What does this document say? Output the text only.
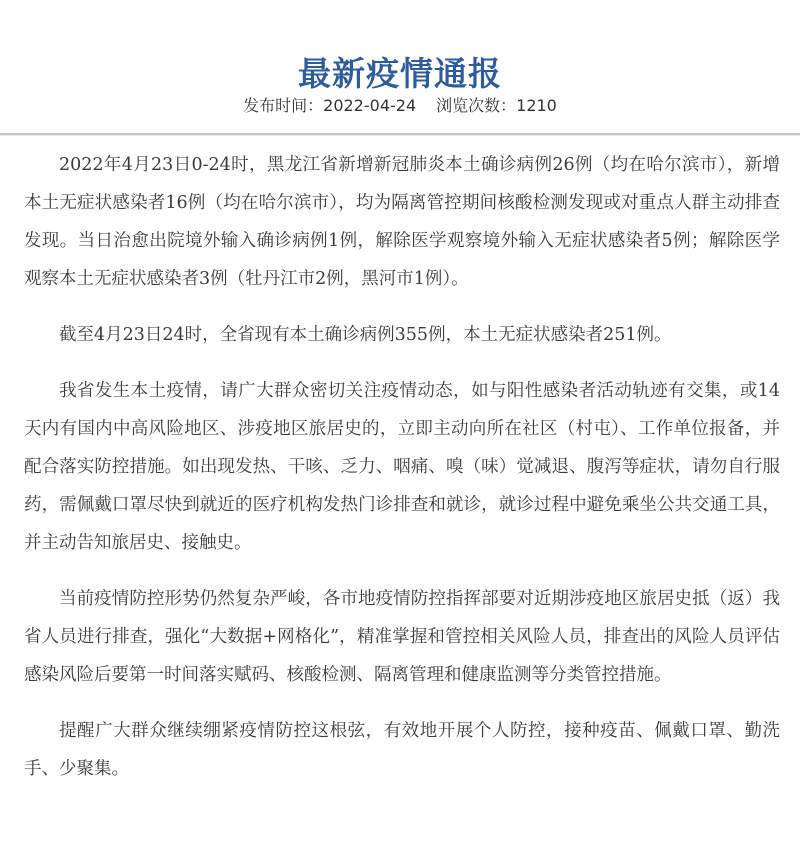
最新疫情通报
发布时间：2022-04-24 浏览次数：1210

2022年4月23日0-24时，黑龙江省新增新冠肺炎本土确诊病例26例（均在哈尔滨市），新增本土无症状感染者16例（均在哈尔滨市），均为隔离管控期间核酸检测发现或对重点人群主动排查发现。当日治愈出院境外输入确诊病例1例，解除医学观察境外输入无症状感染者5例；解除医学观察本土无症状感染者3例（牡丹江市2例，黑河市1例）。

截至4月23日24时，全省现有本土确诊病例355例，本土无症状感染者251例。

我省发生本土疫情，请广大群众密切关注疫情动态，如与阳性感染者活动轨迹有交集，或14天内有国内中高风险地区、涉疫地区旅居史的，立即主动向所在社区（村屯）、工作单位报备，并配合落实防控措施。如出现发热、干咳、乏力、咽痛、嗅（味）觉减退、腹泻等症状，请勿自行服药，需佩戴口罩尽快到就近的医疗机构发热门诊排查和就诊，就诊过程中避免乘坐公共交通工具，并主动告知旅居史、接触史。

当前疫情防控形势仍然复杂严峻，各市地疫情防控指挥部要对近期涉疫地区旅居史抵（返）我省人员进行排查，强化“大数据+网格化”，精准掌握和管控相关风险人员，排查出的风险人员评估感染风险后要第一时间落实赋码、核酸检测、隔离管理和健康监测等分类管控措施。

提醒广大群众继续绷紧疫情防控这根弦，有效地开展个人防控，接种疫苗、佩戴口罩、勤洗手、少聚集。
